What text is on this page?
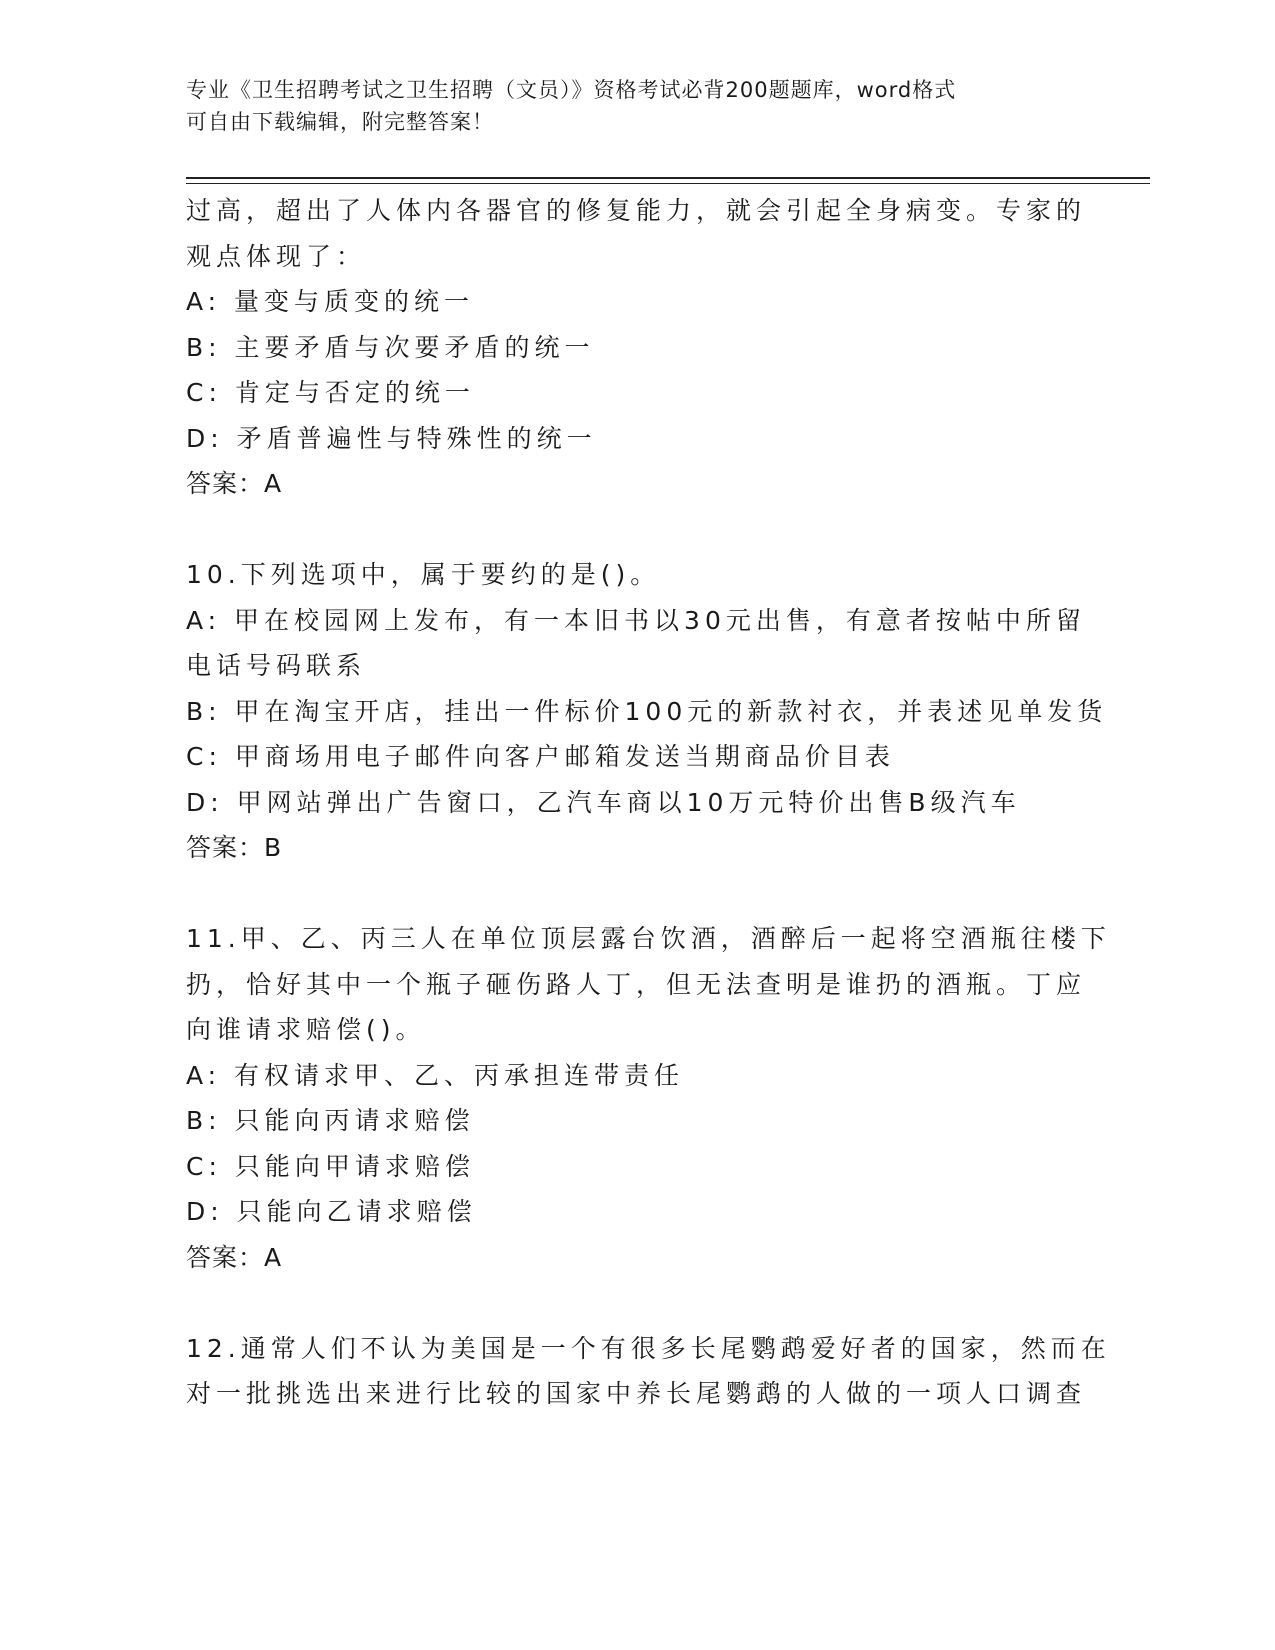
专业《卫生招聘考试之卫生招聘（文员）》资格考试必背200题题库，word格式
可自由下载编辑，附完整答案！
过高，超出了人体内各器官的修复能力，就会引起全身病变。专家的
观点体现了：
A: 量变与质变的统一
B: 主要矛盾与次要矛盾的统一
C: 肯定与否定的统一
D: 矛盾普遍性与特殊性的统一
答案：A
10.下列选项中，属于要约的是()。
A: 甲在校园网上发布，有一本旧书以30元出售，有意者按帖中所留
电话号码联系
B: 甲在淘宝开店，挂出一件标价100元的新款衬衣，并表述见单发货
C: 甲商场用电子邮件向客户邮箱发送当期商品价目表
D: 甲网站弹出广告窗口，乙汽车商以10万元特价出售B级汽车
答案：B
11.甲、乙、丙三人在单位顶层露台饮酒，酒醉后一起将空酒瓶往楼下
扔，恰好其中一个瓶子砸伤路人丁，但无法查明是谁扔的酒瓶。丁应
向谁请求赔偿()。
A: 有权请求甲、乙、丙承担连带责任
B: 只能向丙请求赔偿
C: 只能向甲请求赔偿
D: 只能向乙请求赔偿
答案：A
12.通常人们不认为美国是一个有很多长尾鹦鹉爱好者的国家，然而在
对一批挑选出来进行比较的国家中养长尾鹦鹉的人做的一项人口调查
